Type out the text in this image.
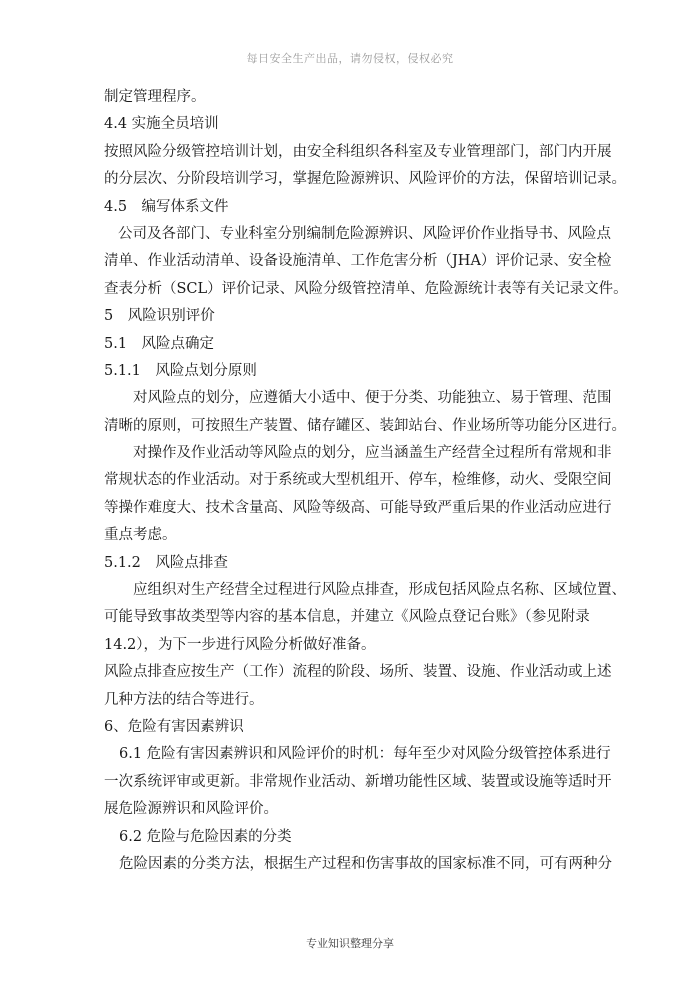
每日安全生产出品，请勿侵权，侵权必究
制定管理程序。
4.4 实施全员培训
按照风险分级管控培训计划，由安全科组织各科室及专业管理部门，部门内开展
的分层次、分阶段培训学习，掌握危险源辨识、风险评价的方法，保留培训记录。
4.5　编写体系文件
公司及各部门、专业科室分别编制危险源辨识、风险评价作业指导书、风险点
清单、作业活动清单、设备设施清单、工作危害分析（JHA）评价记录、安全检
查表分析（SCL）评价记录、风险分级管控清单、危险源统计表等有关记录文件。
5　风险识别评价
5.1　风险点确定
5.1.1　风险点划分原则
对风险点的划分，应遵循大小适中、便于分类、功能独立、易于管理、范围
清晰的原则，可按照生产装置、储存罐区、装卸站台、作业场所等功能分区进行。
对操作及作业活动等风险点的划分，应当涵盖生产经营全过程所有常规和非
常规状态的作业活动。对于系统或大型机组开、停车，检维修，动火、受限空间
等操作难度大、技术含量高、风险等级高、可能导致严重后果的作业活动应进行
重点考虑。
5.1.2　风险点排查
应组织对生产经营全过程进行风险点排查，形成包括风险点名称、区域位置、
可能导致事故类型等内容的基本信息，并建立《风险点登记台账》（参见附录
14.2），为下一步进行风险分析做好准备。
风险点排查应按生产（工作）流程的阶段、场所、装置、设施、作业活动或上述
几种方法的结合等进行。
6、危险有害因素辨识
6.1 危险有害因素辨识和风险评价的时机：每年至少对风险分级管控体系进行
一次系统评审或更新。非常规作业活动、新增功能性区域、装置或设施等适时开
展危险源辨识和风险评价。
6.2 危险与危险因素的分类
危险因素的分类方法，根据生产过程和伤害事故的国家标准不同，可有两种分
专业知识整理分享
